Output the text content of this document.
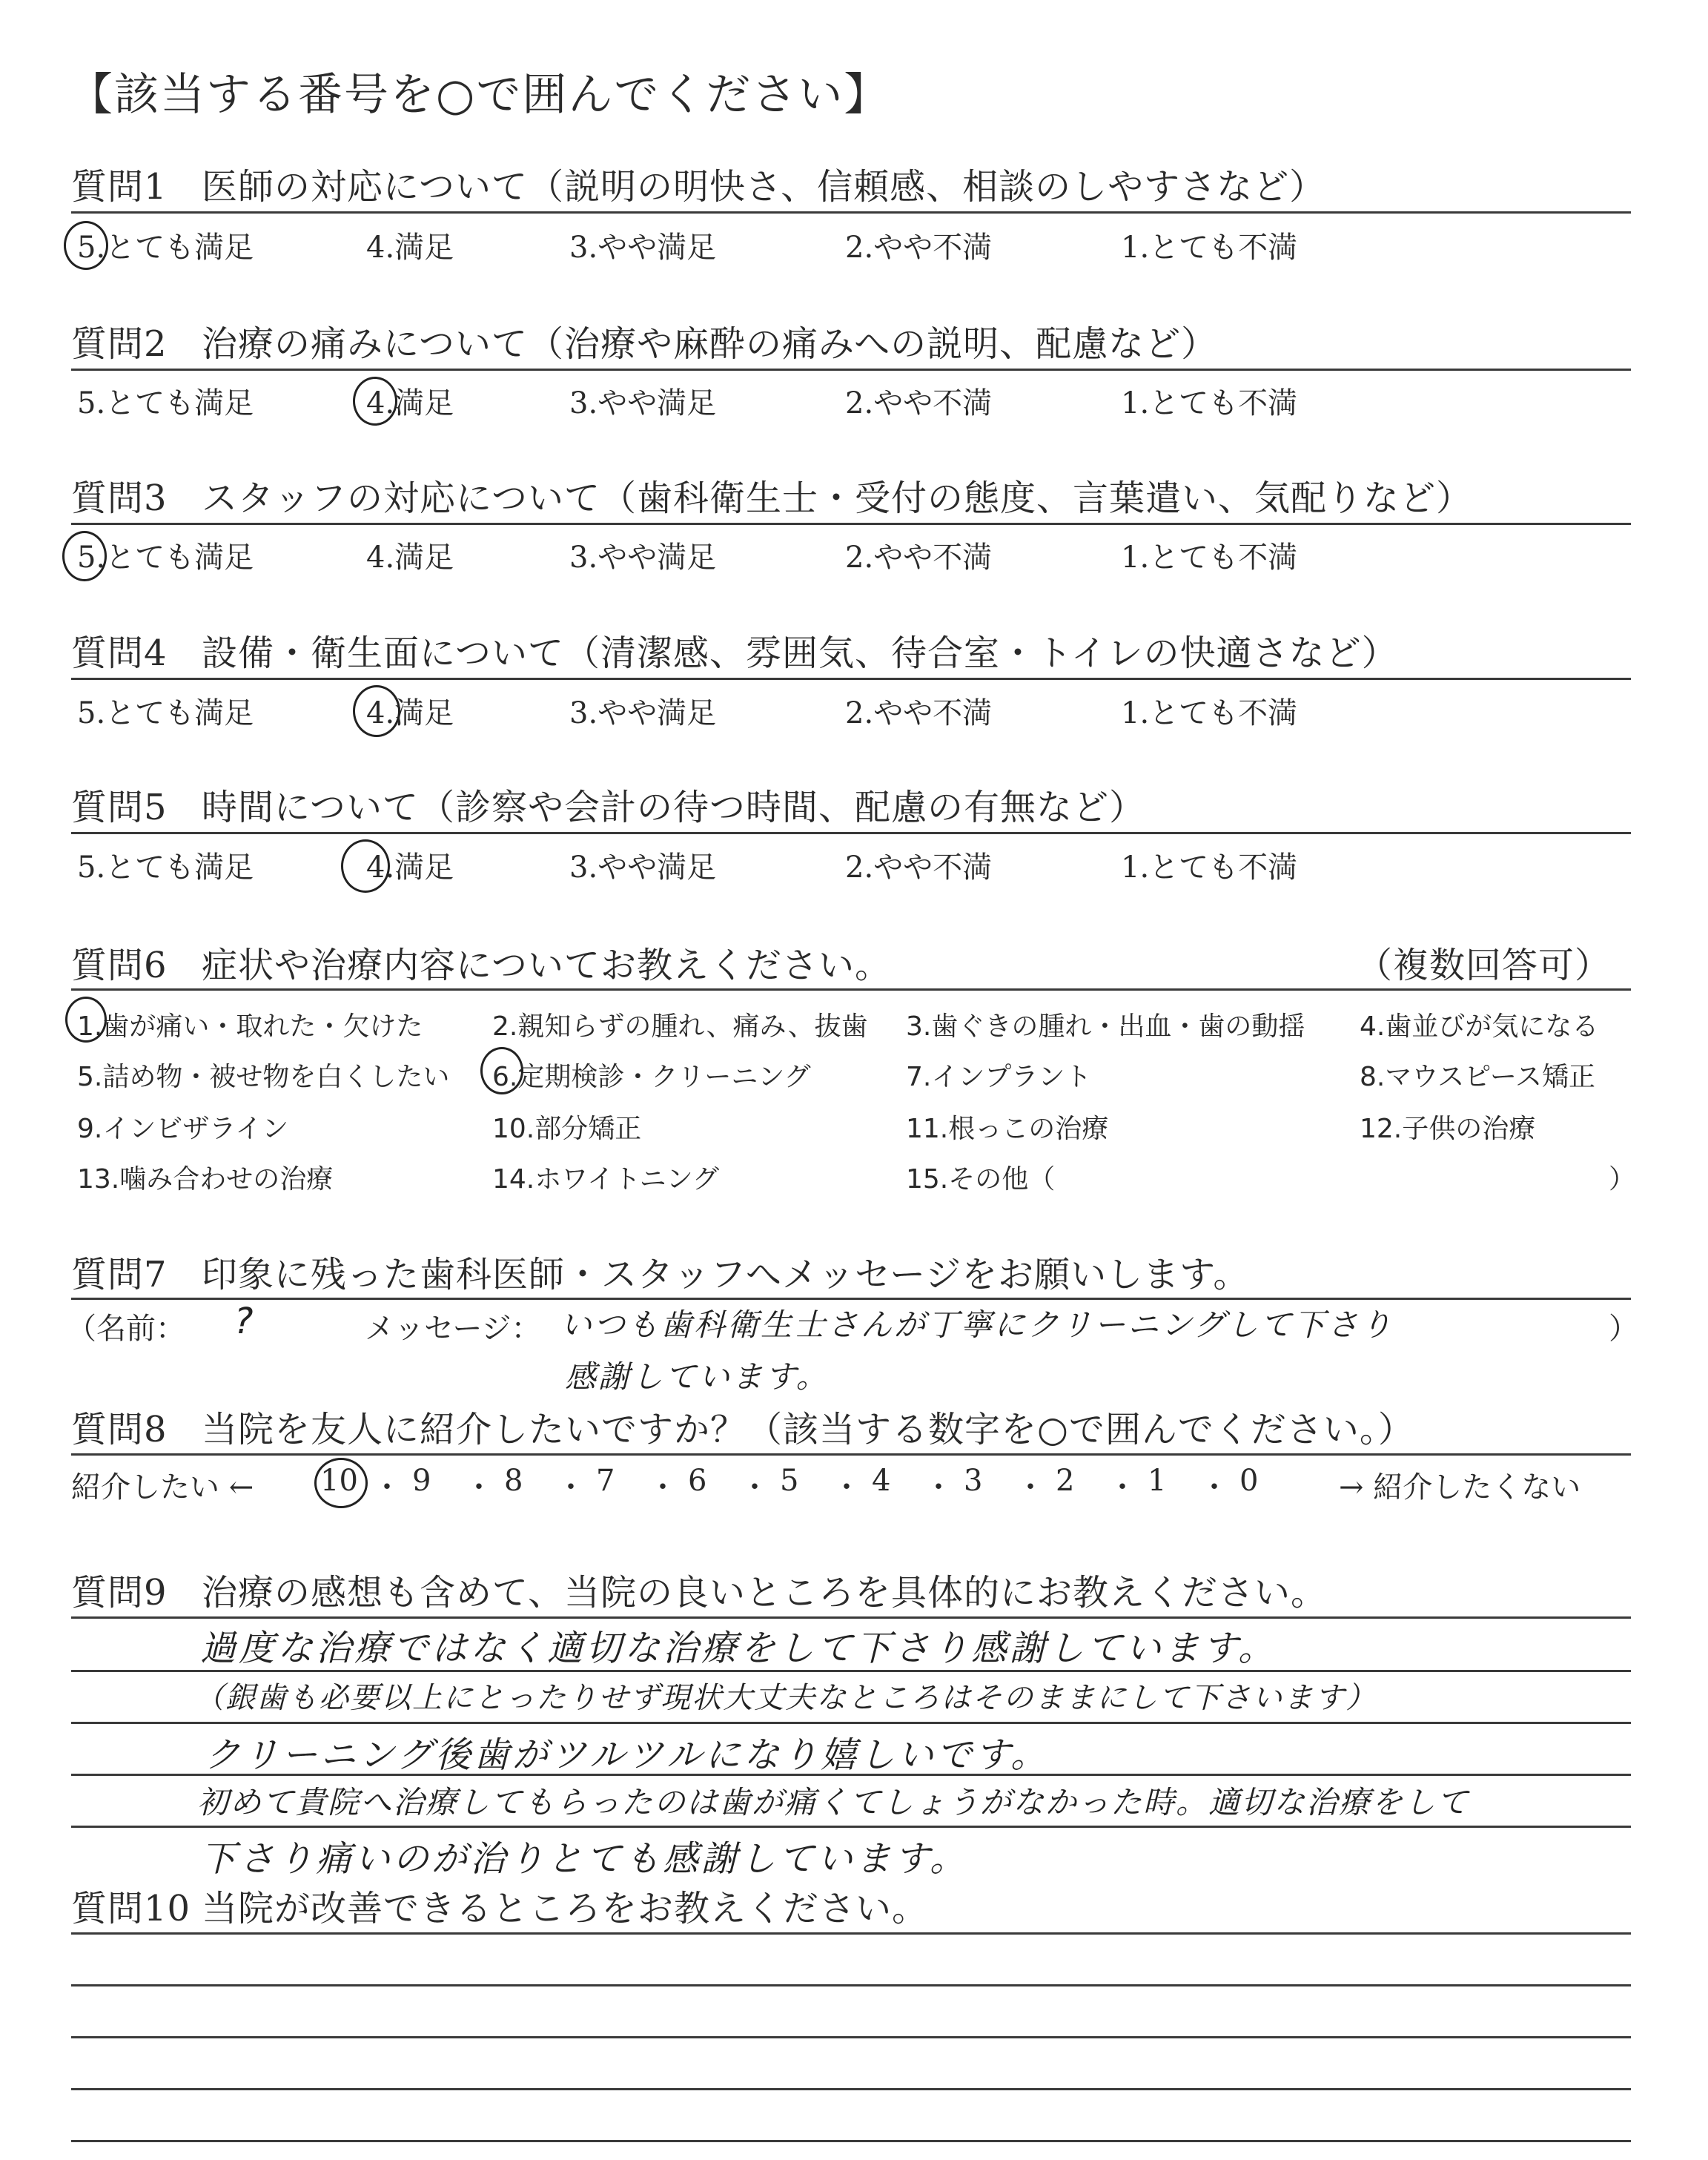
【該当する番号を○で囲んでください】
質問1 医師の対応について（説明の明快さ、信頼感、相談のしやすさなど）
5.とても満足	4.満足	3.やや満足	2.やや不満	1.とても不満
質問2 治療の痛みについて（治療や麻酔の痛みへの説明、配慮など）
5.とても満足	4.満足	3.やや満足	2.やや不満	1.とても不満
質問3 スタッフの対応について（歯科衛生士・受付の態度、言葉遣い、気配りなど）
5.とても満足	4.満足	3.やや満足	2.やや不満	1.とても不満
質問4 設備・衛生面について（清潔感、雰囲気、待合室・トイレの快適さなど）
5.とても満足	4.満足	3.やや満足	2.やや不満	1.とても不満
質問5 時間について（診察や会計の待つ時間、配慮の有無など）
5.とても満足	4.満足	3.やや満足	2.やや不満	1.とても不満
質問6 症状や治療内容についてお教えください。	（複数回答可）
1.歯が痛い・取れた・欠けた	2.親知らずの腫れ、痛み、抜歯 3.歯ぐきの腫れ・出血・歯の動揺 4.歯並びが気になる
5.詰め物・被せ物を白くしたい 6.定期検診・クリーニング	7.インプラント	8.マウスピース矯正
9.インビザライン	10.部分矯正	11.根っこの治療	12.子供の治療
13.噛み合わせの治療	14.ホワイトニング	15.その他（	）
質問7 印象に残った歯科医師・スタッフへメッセージをお願いします。
（名前： ?	メッセージ： いつも歯科衛生士さんが丁寧にクリーニングして下さり
感謝しています。
）
質問8 当院を友人に紹介したいですか？（該当する数字を○で囲んでください。）
紹介したい ← 10 ・ 9 ・ 8 ・ 7 ・ 6 ・ 5 ・ 4 ・ 3 ・ 2 ・ 1 ・ 0	→ 紹介したくない
質問9 治療の感想も含めて、当院の良いところを具体的にお教えください。
過度な治療ではなく適切な治療をして下さり感謝しています。
（銀歯も必要以上にとったりせず現状大丈夫なところはそのままにして下さいます）
クリーニング後歯がツルツルになり嬉しいです。
初めて貴院へ治療してもらったのは歯が痛くてしょうがなかった時。適切な治療をして
下さり痛いのが治りとても感謝しています。
質問10 当院が改善できるところをお教えください。
